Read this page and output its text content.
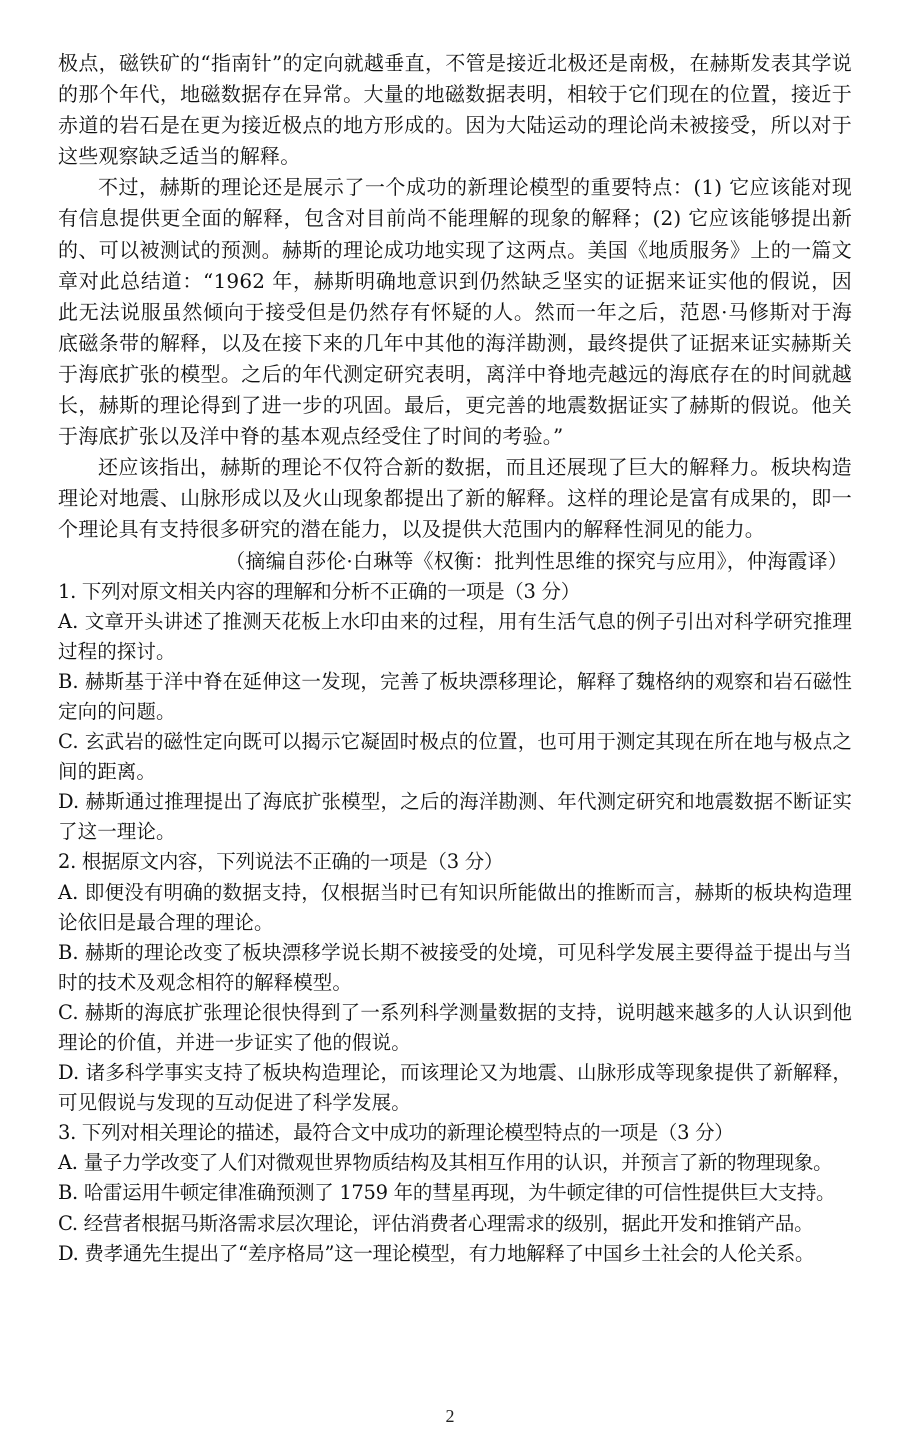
极点，磁铁矿的“指南针”的定向就越垂直，不管是接近北极还是南极，在赫斯发表其学说的那个年代，地磁数据存在异常。大量的地磁数据表明，相较于它们现在的位置，接近于赤道的岩石是在更为接近极点的地方形成的。因为大陆运动的理论尚未被接受，所以对于这些观察缺乏适当的解释。

不过，赫斯的理论还是展示了一个成功的新理论模型的重要特点：(1) 它应该能对现有信息提供更全面的解释，包含对目前尚不能理解的现象的解释；(2) 它应该能够提出新的、可以被测试的预测。赫斯的理论成功地实现了这两点。美国《地质服务》上的一篇文章对此总结道：“1962 年，赫斯明确地意识到仍然缺乏坚实的证据来证实他的假说，因此无法说服虽然倾向于接受但是仍然存有怀疑的人。然而一年之后，范恩·马修斯对于海底磁条带的解释，以及在接下来的几年中其他的海洋勘测，最终提供了证据来证实赫斯关于海底扩张的模型。之后的年代测定研究表明，离洋中脊地壳越远的海底存在的时间就越长，赫斯的理论得到了进一步的巩固。最后，更完善的地震数据证实了赫斯的假说。他关于海底扩张以及洋中脊的基本观点经受住了时间的考验。”

还应该指出，赫斯的理论不仅符合新的数据，而且还展现了巨大的解释力。板块构造理论对地震、山脉形成以及火山现象都提出了新的解释。这样的理论是富有成果的，即一个理论具有支持很多研究的潜在能力，以及提供大范围内的解释性洞见的能力。

（摘编自莎伦·白琳等《权衡：批判性思维的探究与应用》，仲海霞译）

1. 下列对原文相关内容的理解和分析不正确的一项是（3 分）

A. 文章开头讲述了推测天花板上水印由来的过程，用有生活气息的例子引出对科学研究推理过程的探讨。

B. 赫斯基于洋中脊在延伸这一发现，完善了板块漂移理论，解释了魏格纳的观察和岩石磁性定向的问题。

C. 玄武岩的磁性定向既可以揭示它凝固时极点的位置，也可用于测定其现在所在地与极点之间的距离。

D. 赫斯通过推理提出了海底扩张模型，之后的海洋勘测、年代测定研究和地震数据不断证实了这一理论。

2. 根据原文内容，下列说法不正确的一项是（3 分）

A. 即便没有明确的数据支持，仅根据当时已有知识所能做出的推断而言，赫斯的板块构造理论依旧是最合理的理论。

B. 赫斯的理论改变了板块漂移学说长期不被接受的处境，可见科学发展主要得益于提出与当时的技术及观念相符的解释模型。

C. 赫斯的海底扩张理论很快得到了一系列科学测量数据的支持，说明越来越多的人认识到他理论的价值，并进一步证实了他的假说。

D. 诸多科学事实支持了板块构造理论，而该理论又为地震、山脉形成等现象提供了新解释，可见假说与发现的互动促进了科学发展。

3. 下列对相关理论的描述，最符合文中成功的新理论模型特点的一项是（3 分）

A. 量子力学改变了人们对微观世界物质结构及其相互作用的认识，并预言了新的物理现象。

B. 哈雷运用牛顿定律准确预测了 1759 年的彗星再现，为牛顿定律的可信性提供巨大支持。

C. 经营者根据马斯洛需求层次理论，评估消费者心理需求的级别，据此开发和推销产品。

D. 费孝通先生提出了“差序格局”这一理论模型，有力地解释了中国乡土社会的人伦关系。

2
